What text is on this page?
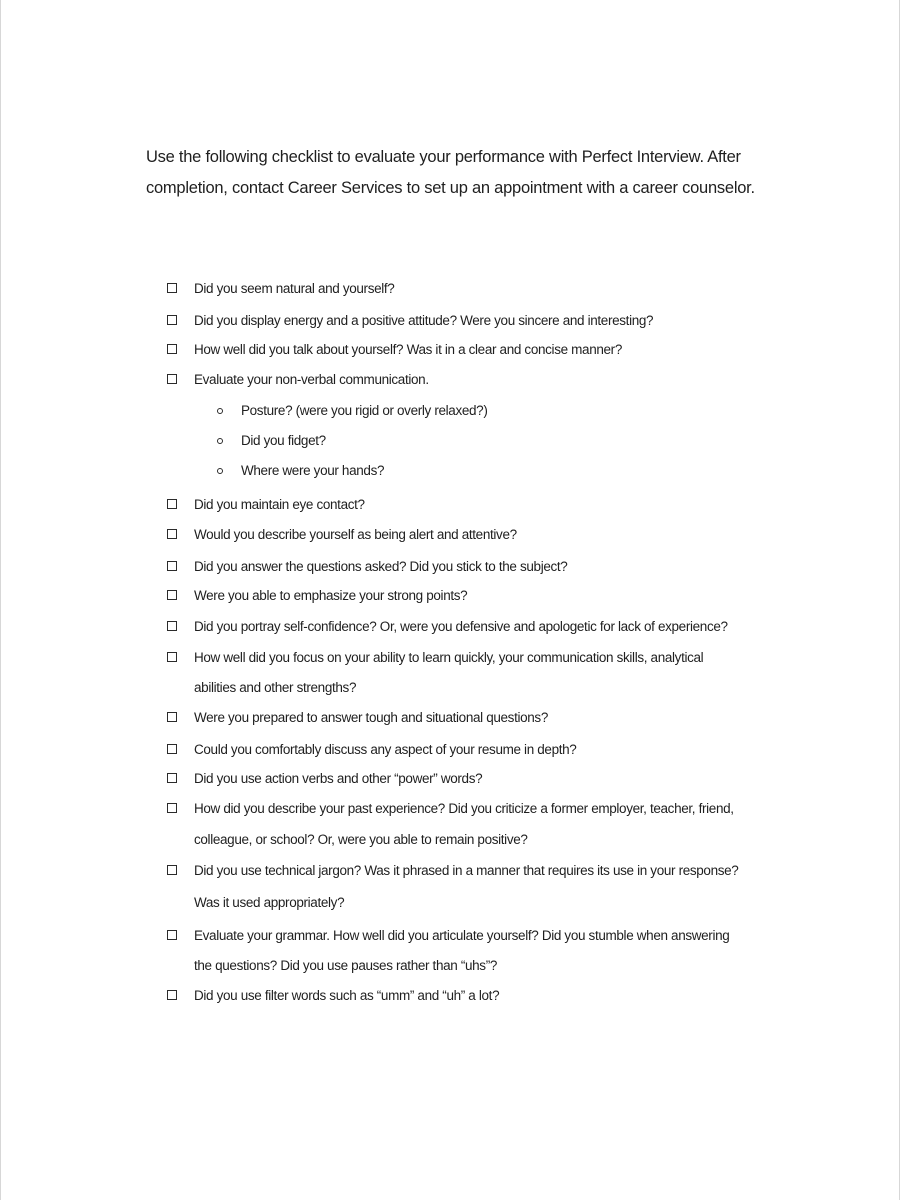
Use the following checklist to evaluate your performance with Perfect Interview. After
completion, contact Career Services to set up an appointment with a career counselor.

Did you seem natural and yourself?
Did you display energy and a positive attitude? Were you sincere and interesting?
How well did you talk about yourself? Was it in a clear and concise manner?
Evaluate your non-verbal communication.
Posture? (were you rigid or overly relaxed?)
Did you fidget?
Where were your hands?
Did you maintain eye contact?
Would you describe yourself as being alert and attentive?
Did you answer the questions asked? Did you stick to the subject?
Were you able to emphasize your strong points?
Did you portray self-confidence? Or, were you defensive and apologetic for lack of experience?
How well did you focus on your ability to learn quickly, your communication skills, analytical
abilities and other strengths?
Were you prepared to answer tough and situational questions?
Could you comfortably discuss any aspect of your resume in depth?
Did you use action verbs and other “power” words?
How did you describe your past experience? Did you criticize a former employer, teacher, friend,
colleague, or school? Or, were you able to remain positive?
Did you use technical jargon? Was it phrased in a manner that requires its use in your response?
Was it used appropriately?
Evaluate your grammar. How well did you articulate yourself? Did you stumble when answering
the questions? Did you use pauses rather than “uhs”?
Did you use filter words such as “umm” and “uh” a lot?
